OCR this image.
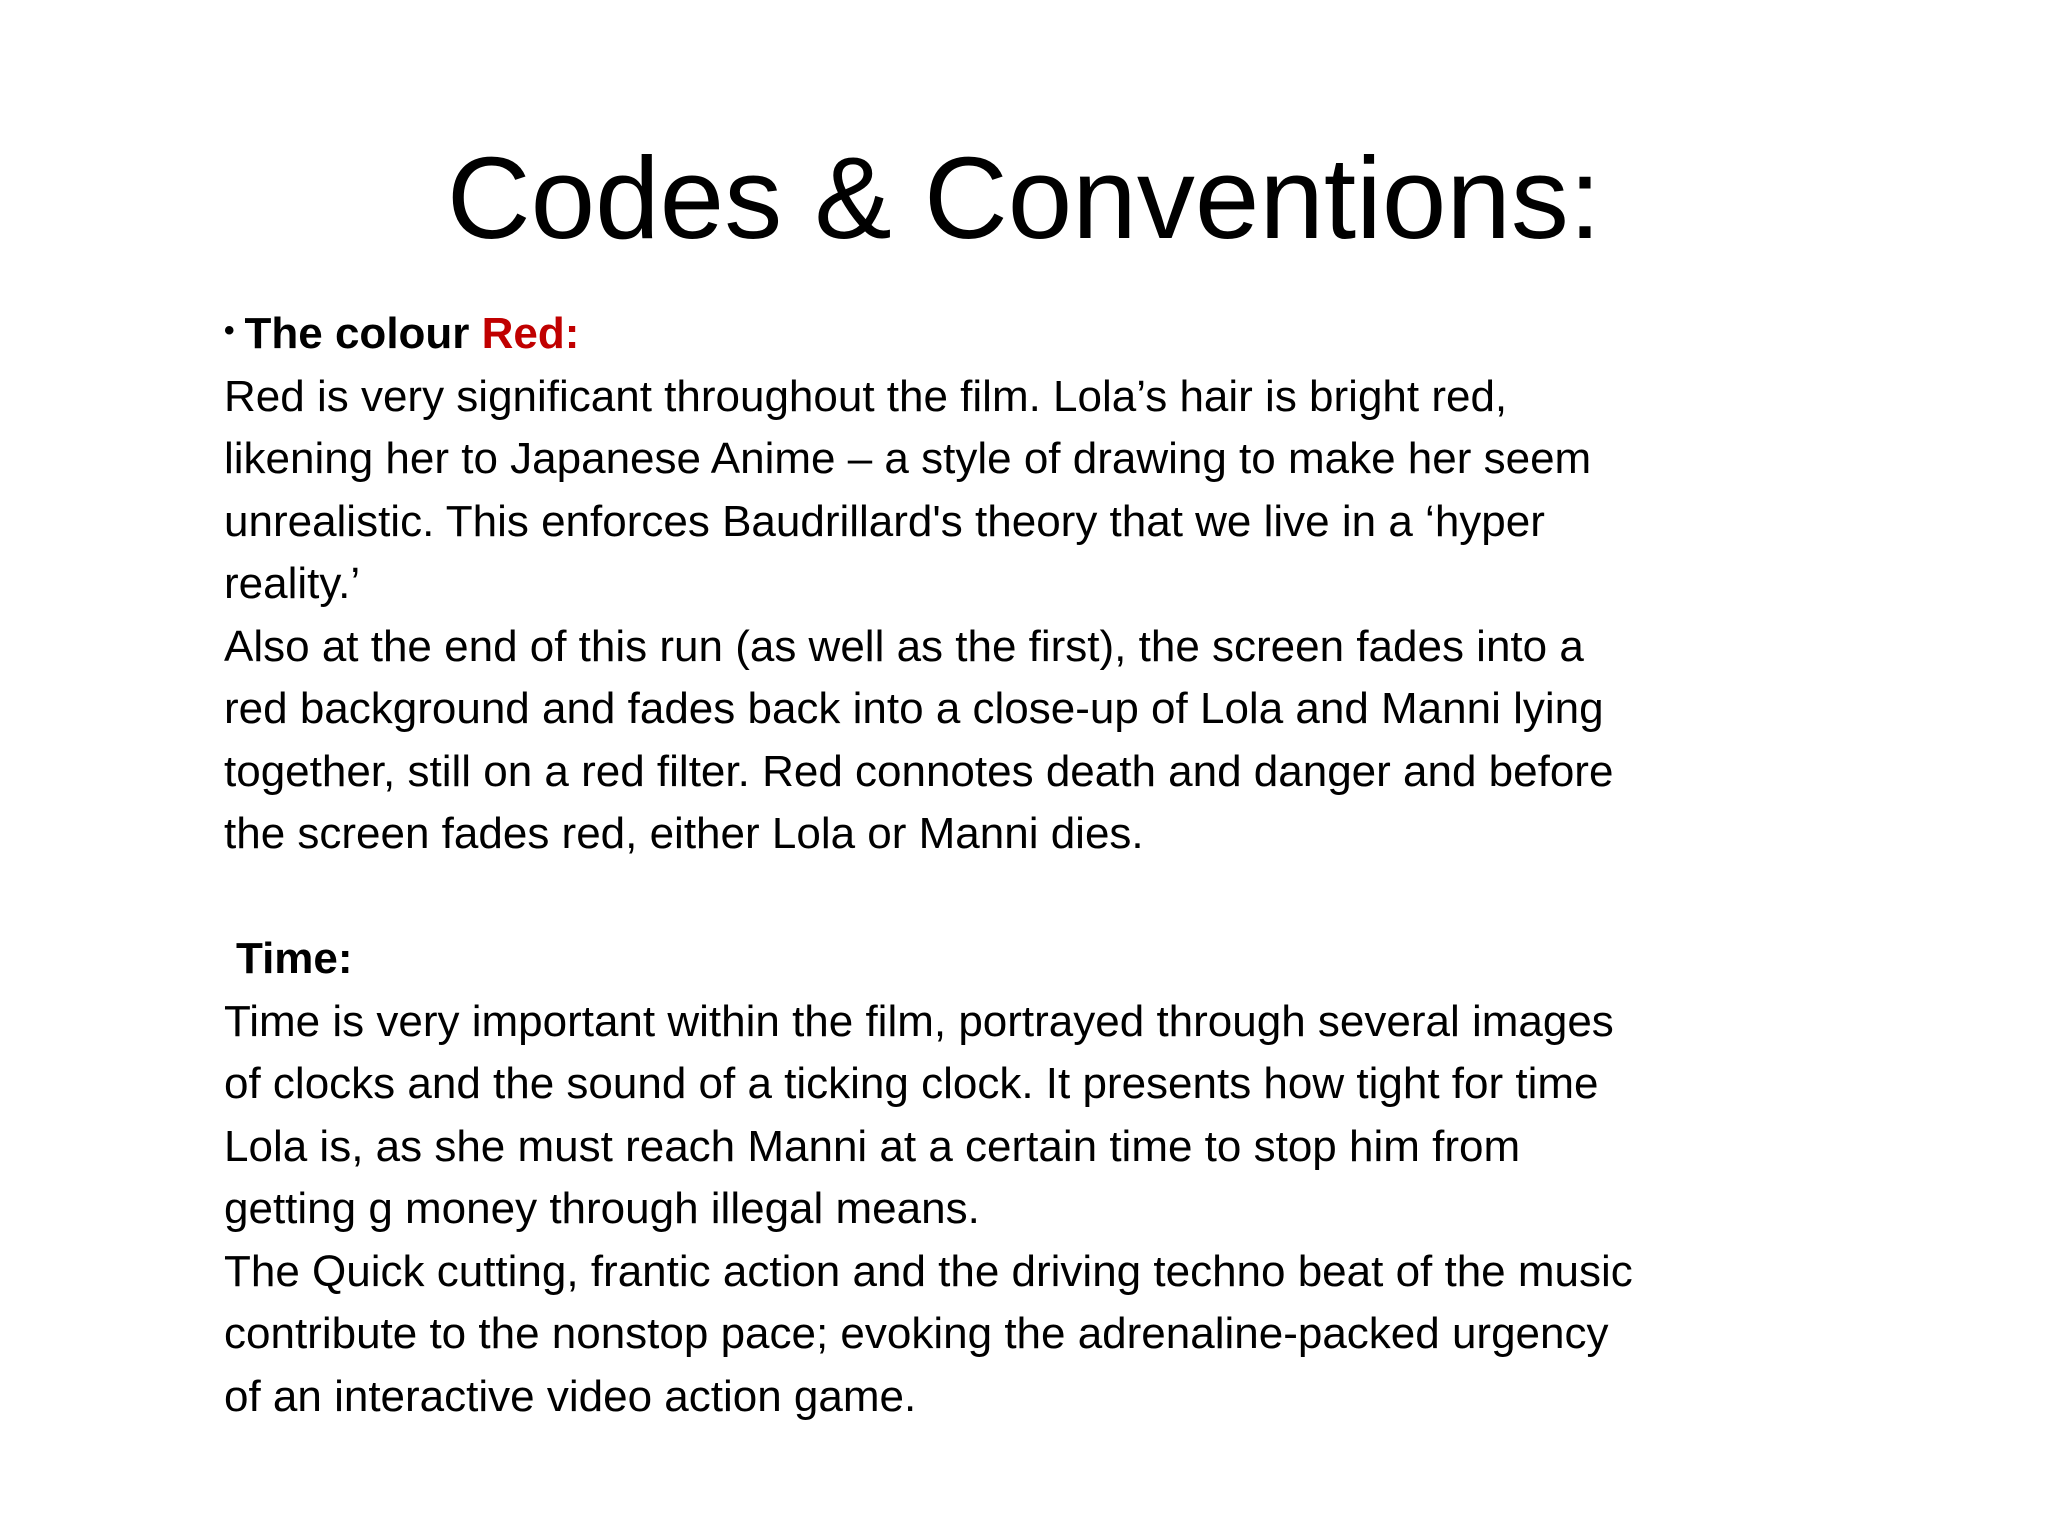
Codes & Conventions:
• The colour Red:
Red is very significant throughout the film. Lola’s hair is bright red,
likening her to Japanese Anime – a style of drawing to make her seem
unrealistic. This enforces Baudrillard's theory that we live in a ‘hyper
reality.’
Also at the end of this run (as well as the first), the screen fades into a
red background and fades back into a close-up of Lola and Manni lying
together, still on a red filter. Red connotes death and danger and before
the screen fades red, either Lola or Manni dies.
Time:
Time is very important within the film, portrayed through several images
of clocks and the sound of a ticking clock. It presents how tight for time
Lola is, as she must reach Manni at a certain time to stop him from
getting g money through illegal means.
The Quick cutting, frantic action and the driving techno beat of the music
contribute to the nonstop pace; evoking the adrenaline-packed urgency
of an interactive video action game.
